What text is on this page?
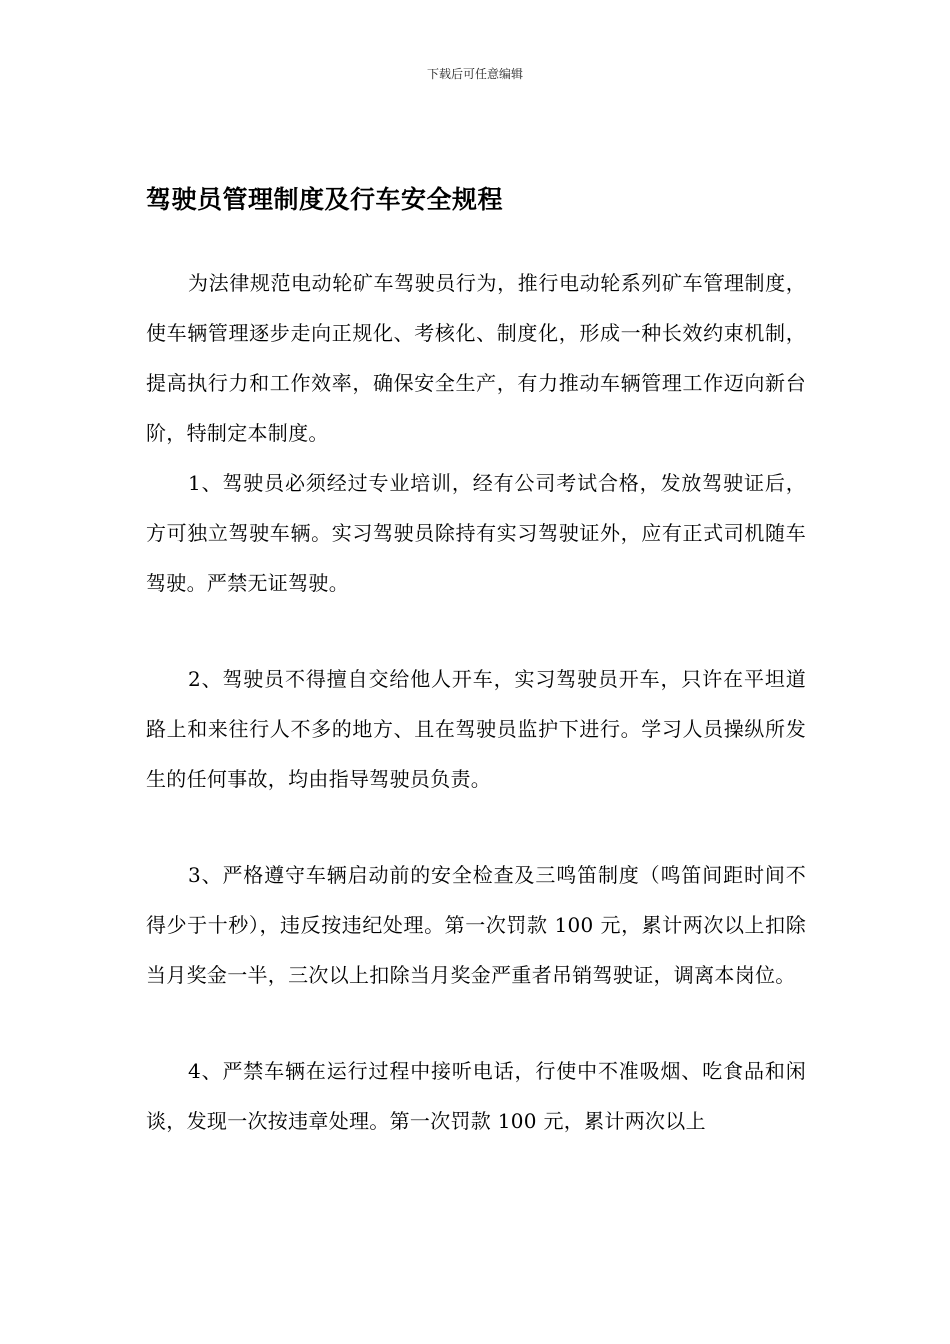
下载后可任意编辑
驾驶员管理制度及行车安全规程

为法律规范电动轮矿车驾驶员行为，推行电动轮系列矿车管理制度，使车辆管理逐步走向正规化、考核化、制度化，形成一种长效约束机制，提高执行力和工作效率，确保安全生产，有力推动车辆管理工作迈向新台阶，特制定本制度。

1、驾驶员必须经过专业培训，经有公司考试合格，发放驾驶证后，方可独立驾驶车辆。实习驾驶员除持有实习驾驶证外，应有正式司机随车驾驶。严禁无证驾驶。

2、驾驶员不得擅自交给他人开车，实习驾驶员开车，只许在平坦道路上和来往行人不多的地方、且在驾驶员监护下进行。学习人员操纵所发生的任何事故，均由指导驾驶员负责。

3、严格遵守车辆启动前的安全检查及三鸣笛制度（鸣笛间距时间不得少于十秒），违反按违纪处理。第一次罚款 100 元，累计两次以上扣除当月奖金一半，三次以上扣除当月奖金严重者吊销驾驶证，调离本岗位。

4、严禁车辆在运行过程中接听电话，行使中不准吸烟、吃食品和闲谈，发现一次按违章处理。第一次罚款 100 元，累计两次以上
